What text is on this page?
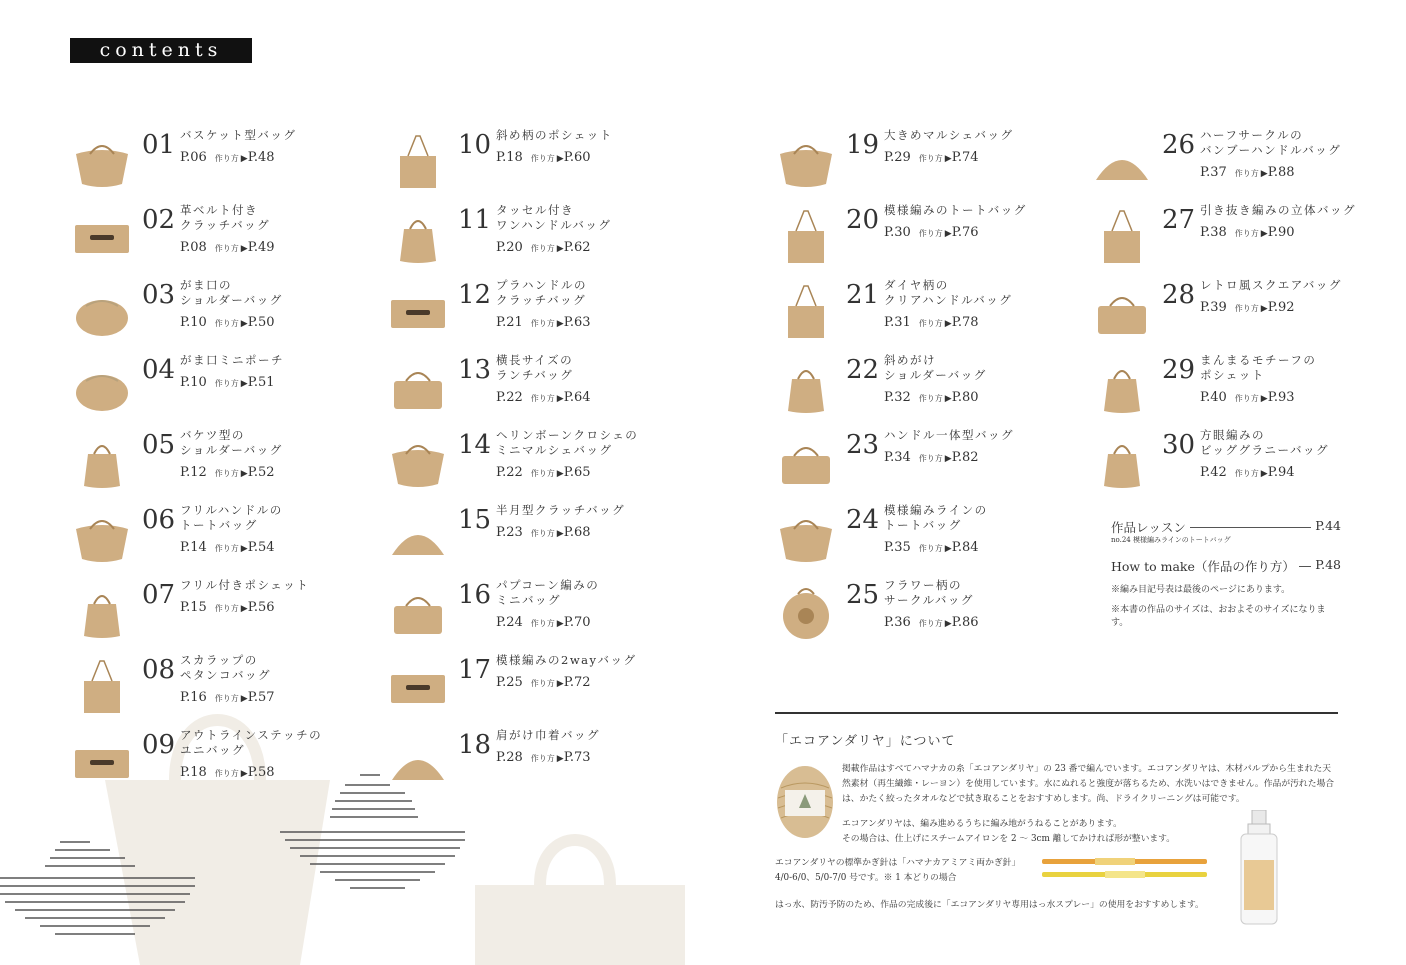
contents
01 バスケット型バッグ
P.06 作り方 ▶P.48
02 革ベルト付き
クラッチバッグ
P.08 作り方 ▶P.49
03 がま口の
ショルダーバッグ
P.10 作り方 ▶P.50
04 がま口ミニポーチ
P.10 作り方 ▶P.51
05 バケツ型の
ショルダーバッグ
P.12 作り方 ▶P.52
06 フリルハンドルの
トートバッグ
P.14 作り方 ▶P.54
07 フリル付きポシェット
P.15 作り方 ▶P.56
08 スカラップの
ペタンコバッグ
P.16 作り方 ▶P.57
09 アウトラインステッチの
ユニバッグ
P.18 作り方 ▶P.58
10 斜め柄のポシェット
P.18 作り方 ▶P.60
11 タッセル付き
ワンハンドルバッグ
P.20 作り方 ▶P.62
12 プラハンドルの
クラッチバッグ
P.21 作り方 ▶P.63
13 横長サイズの
ランチバッグ
P.22 作り方 ▶P.64
14 ヘリンボーンクロシェの
ミニマルシェバッグ
P.22 作り方 ▶P.65
15 半月型クラッチバッグ
P.23 作り方 ▶P.68
16 パプコーン編みの
ミニバッグ
P.24 作り方 ▶P.70
17 模様編みの2wayバッグ
P.25 作り方 ▶P.72
18 肩がけ巾着バッグ
P.28 作り方 ▶P.73
19 大きめマルシェバッグ
P.29 作り方 ▶P.74
20 模様編みのトートバッグ
P.30 作り方 ▶P.76
21 ダイヤ柄の
クリアハンドルバッグ
P.31 作り方 ▶P.78
22 斜めがけ
ショルダーバッグ
P.32 作り方 ▶P.80
23 ハンドル一体型バッグ
P.34 作り方 ▶P.82
24 模様編みラインの
トートバッグ
P.35 作り方 ▶P.84
25 フラワー柄の
サークルバッグ
P.36 作り方 ▶P.86
26 ハーフサークルの
バンブーハンドルバッグ
P.37 作り方 ▶P.88
27 引き抜き編みの立体バッグ
P.38 作り方 ▶P.90
28 レトロ風スクエアバッグ
P.39 作り方 ▶P.92
29 まんまるモチーフの
ポシェット
P.40 作り方 ▶P.93
30 方眼編みの
ビッググラニーバッグ
P.42 作り方 ▶P.94
作品レッスン	P.44
no.24 模様編みラインのトートバッグ
How to make（作品の作り方）	P.48
※編み目記号表は最後のページにあります。
※本書の作品のサイズは、おおよそのサイズになります。
「エコアンダリヤ」について
掲載作品はすべてハマナカの糸「エコアンダリヤ」の 23 番で編んでいます。エコアンダリヤは、木材パルプから生まれた天然素材（再生繊維・レーヨン）を使用しています。水にぬれると強度が落ちるため、水洗いはできません。作品が汚れた場合は、かたく絞ったタオルなどで拭き取ることをおすすめします。尚、ドライクリーニングは可能です。
エコアンダリヤは、編み進めるうちに編み地がうねることがあります。
その場合は、仕上げにスチームアイロンを 2 〜 3cm 離してかければ形が整います。
エコアンダリヤの標準かぎ針は「ハマナカアミアミ両かぎ針」
4/0-6/0、5/0-7/0 号です。※ 1 本どりの場合
はっ水、防汚予防のため、作品の完成後に「エコアンダリヤ専用はっ水スプレー」の使用をおすすめします。
